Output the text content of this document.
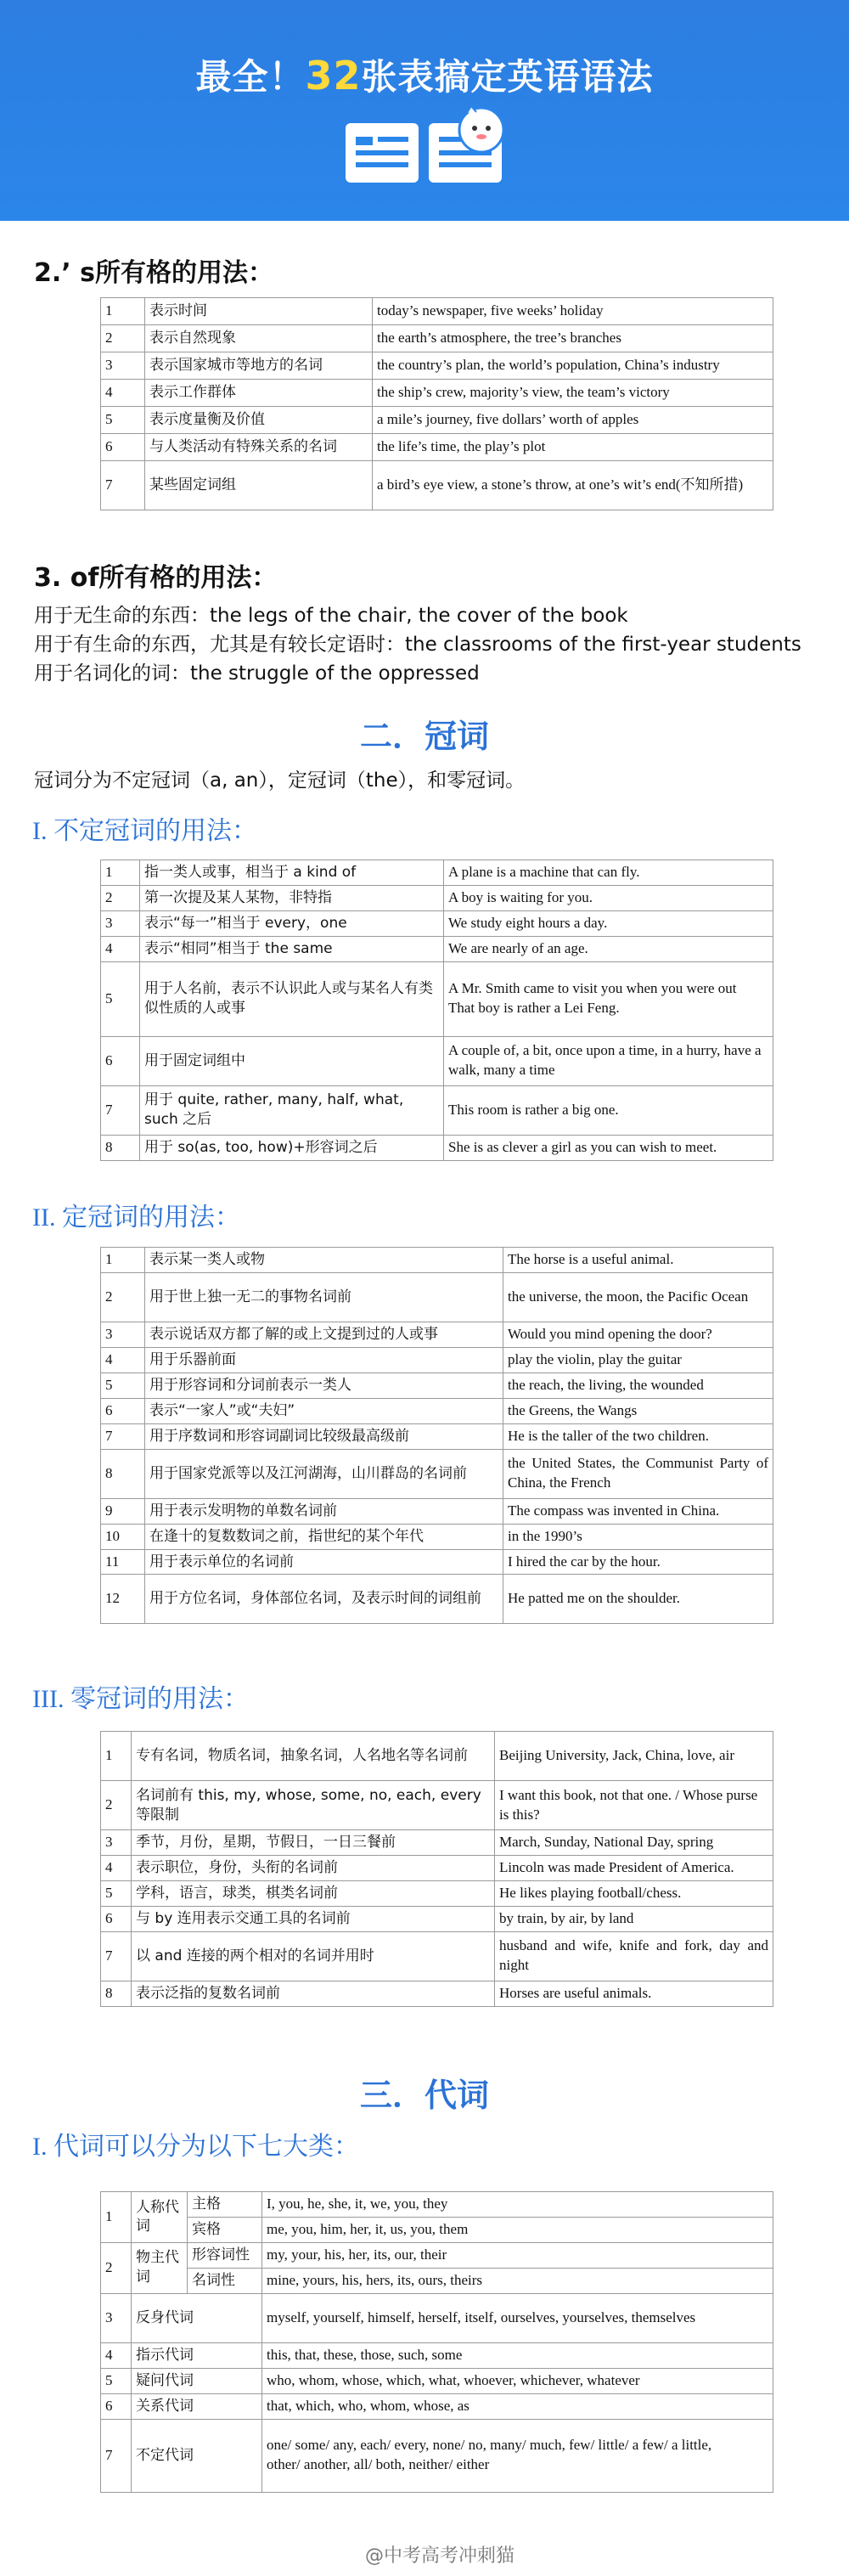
最全！32张表搞定英语语法
2.’ s所有格的用法：
1	表示时间	today’s newspaper, five weeks’ holiday
2	表示自然现象	the earth’s atmosphere, the tree’s branches
3	表示国家城市等地方的名词	the country’s plan, the world’s population, China’s industry
4	表示工作群体	the ship’s crew, majority’s view, the team’s victory
5	表示度量衡及价值	a mile’s journey, five dollars’ worth of apples
6	与人类活动有特殊关系的名词	the life’s time, the play’s plot
7	某些固定词组	a bird’s eye view, a stone’s throw, at one’s wit’s end(不知所措)
3. of所有格的用法：
用于无生命的东西：the legs of the chair, the cover of the book
用于有生命的东西，尤其是有较长定语时：the classrooms of the first-year students
用于名词化的词：the struggle of the oppressed
二．冠词
冠词分为不定冠词（a, an），定冠词（the），和零冠词。
I. 不定冠词的用法：
1	指一类人或事，相当于 a kind of	A plane is a machine that can fly.
2	第一次提及某人某物，非特指	A boy is waiting for you.
3	表示“每一”相当于 every，one	We study eight hours a day.
4	表示“相同”相当于 the same	We are nearly of an age.
5	用于人名前，表示不认识此人或与某名人有类似性质的人或事	A Mr. Smith came to visit you when you were out
That boy is rather a Lei Feng.

6	用于固定词组中	A couple of, a bit, once upon a time, in a hurry, have a walk, many a time
7	用于 quite, rather, many, half, what, such 之后	This room is rather a big one.
8	用于 so(as, too, how)+形容词之后	She is as clever a girl as you can wish to meet.
II. 定冠词的用法：
1	表示某一类人或物	The horse is a useful animal.
2	用于世上独一无二的事物名词前	the universe, the moon, the Pacific Ocean
3	表示说话双方都了解的或上文提到过的人或事	Would you mind opening the door?
4	用于乐器前面	play the violin, play the guitar
5	用于形容词和分词前表示一类人	the reach, the living, the wounded
6	表示“一家人”或“夫妇”	the Greens, the Wangs
7	用于序数词和形容词副词比较级最高级前	He is the taller of the two children.
8	用于国家党派等以及江河湖海，山川群岛的名词前	the United States, the Communist Party of China, the French
9	用于表示发明物的单数名词前	The compass was invented in China.
10	在逢十的复数数词之前，指世纪的某个年代	in the 1990’s
11	用于表示单位的名词前	I hired the car by the hour.
12	用于方位名词，身体部位名词，及表示时间的词组前	He patted me on the shoulder.
III. 零冠词的用法：
1	专有名词，物质名词，抽象名词，人名地名等名词前	Beijing University, Jack, China, love, air
2	名词前有 this, my, whose, some, no, each, every 等限制	I want this book, not that one. / Whose purse is this?
3	季节，月份，星期，节假日，一日三餐前	March, Sunday, National Day, spring
4	表示职位，身份，头衔的名词前	Lincoln was made President of America.
5	学科，语言，球类，棋类名词前	He likes playing football/chess.
6	与 by 连用表示交通工具的名词前	by train, by air, by land
7	以 and 连接的两个相对的名词并用时	husband and wife, knife and fork, day and night
8	表示泛指的复数名词前	Horses are useful animals.
三．代词
I. 代词可以分为以下七大类：
1	人称代词	主格	I, you, he, she, it, we, you, they
		宾格	me, you, him, her, it, us, you, them
2	物主代词	形容词性	my, your, his, her, its, our, their
		名词性	mine, yours, his, hers, its, ours, theirs
3	反身代词		myself, yourself, himself, herself, itself, ourselves, yourselves, themselves
4	指示代词		this, that, these, those, such, some
5	疑问代词		who, whom, whose, which, what, whoever, whichever, whatever
6	关系代词		that, which, who, whom, whose, as
7	不定代词		one/ some/ any, each/ every, none/ no, many/ much, few/ little/ a few/ a little,
other/ another, all/ both, neither/ either
@中考高考冲刺猫
